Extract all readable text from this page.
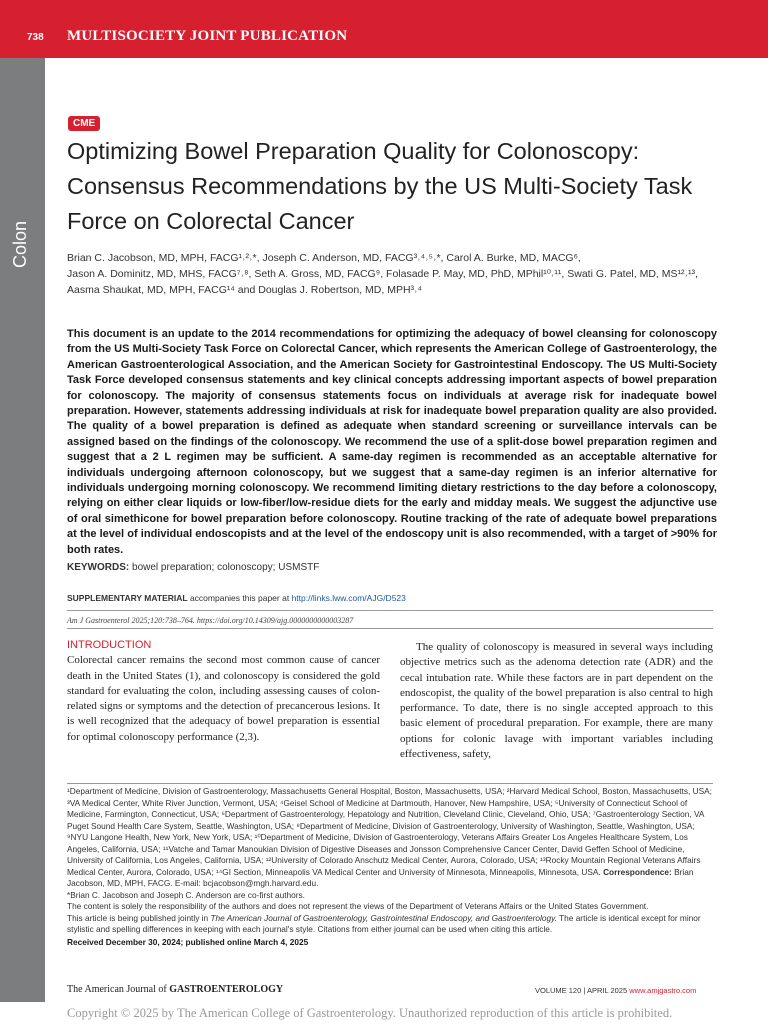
738 MULTISOCIETY JOINT PUBLICATION
Colon
CME
Optimizing Bowel Preparation Quality for Colonoscopy: Consensus Recommendations by the US Multi-Society Task Force on Colorectal Cancer
Brian C. Jacobson, MD, MPH, FACG¹˒²˒*, Joseph C. Anderson, MD, FACG³˒⁴˒⁵˒*, Carol A. Burke, MD, MACG⁶,
Jason A. Dominitz, MD, MHS, FACG⁷˒⁸, Seth A. Gross, MD, FACG⁹, Folasade P. May, MD, PhD, MPhil¹⁰˒¹¹, Swati G. Patel, MD, MS¹²˒¹³,
Aasma Shaukat, MD, MPH, FACG¹⁴ and Douglas J. Robertson, MD, MPH³˒⁴
This document is an update to the 2014 recommendations for optimizing the adequacy of bowel cleansing for colonoscopy from the US Multi-Society Task Force on Colorectal Cancer, which represents the American College of Gastroenterology, the American Gastroenterological Association, and the American Society for Gastrointestinal Endoscopy. The US Multi-Society Task Force developed consensus statements and key clinical concepts addressing important aspects of bowel preparation for colonoscopy. The majority of consensus statements focus on individuals at average risk for inadequate bowel preparation. However, statements addressing individuals at risk for inadequate bowel preparation quality are also provided. The quality of a bowel preparation is defined as adequate when standard screening or surveillance intervals can be assigned based on the findings of the colonoscopy. We recommend the use of a split-dose bowel preparation regimen and suggest that a 2 L regimen may be sufficient. A same-day regimen is recommended as an acceptable alternative for individuals undergoing afternoon colonoscopy, but we suggest that a same-day regimen is an inferior alternative for individuals undergoing morning colonoscopy. We recommend limiting dietary restrictions to the day before a colonoscopy, relying on either clear liquids or low-fiber/low-residue diets for the early and midday meals. We suggest the adjunctive use of oral simethicone for bowel preparation before colonoscopy. Routine tracking of the rate of adequate bowel preparations at the level of individual endoscopists and at the level of the endoscopy unit is also recommended, with a target of >90% for both rates.
KEYWORDS: bowel preparation; colonoscopy; USMSTF
SUPPLEMENTARY MATERIAL accompanies this paper at http://links.lww.com/AJG/D523
Am J Gastroenterol 2025;120:738–764. https://doi.org/10.14309/ajg.0000000000003287
INTRODUCTION

Colorectal cancer remains the second most common cause of cancer death in the United States (1), and colonoscopy is considered the gold standard for evaluating the colon, including assessing causes of colon-related signs or symptoms and the detection of precancerous lesions. It is well recognized that the adequacy of bowel preparation is essential for optimal colonoscopy performance (2,3).

The quality of colonoscopy is measured in several ways including objective metrics such as the adenoma detection rate (ADR) and the cecal intubation rate. While these factors are in part dependent on the endoscopist, the quality of the bowel preparation is also central to high performance. To date, there is no single accepted approach to this basic element of procedural preparation. For example, there are many options for colonic lavage with important variables including effectiveness, safety,

¹Department of Medicine, Division of Gastroenterology, Massachusetts General Hospital, Boston, Massachusetts, USA; ²Harvard Medical School, Boston, Massachusetts, USA; ³VA Medical Center, White River Junction, Vermont, USA; ⁴Geisel School of Medicine at Dartmouth, Hanover, New Hampshire, USA; ⁵University of Connecticut School of Medicine, Farmington, Connecticut, USA; ⁶Department of Gastroenterology, Hepatology and Nutrition, Cleveland Clinic, Cleveland, Ohio, USA; ⁷Gastroenterology Section, VA Puget Sound Health Care System, Seattle, Washington, USA; ⁸Department of Medicine, Division of Gastroenterology, University of Washington, Seattle, Washington, USA; ⁹NYU Langone Health, New York, New York, USA; ¹⁰Department of Medicine, Division of Gastroenterology, Veterans Affairs Greater Los Angeles Healthcare System, Los Angeles, California, USA; ¹¹Vatche and Tamar Manoukian Division of Digestive Diseases and Jonsson Comprehensive Cancer Center, David Geffen School of Medicine, University of California, Los Angeles, California, USA; ¹²University of Colorado Anschutz Medical Center, Aurora, Colorado, USA; ¹³Rocky Mountain Regional Veterans Affairs Medical Center, Aurora, Colorado, USA; ¹⁴GI Section, Minneapolis VA Medical Center and University of Minnesota, Minneapolis, Minnesota, USA. Correspondence: Brian Jacobson, MD, MPH, FACG. E-mail: bcjacobson@mgh.harvard.edu.
*Brian C. Jacobson and Joseph C. Anderson are co-first authors.
The content is solely the responsibility of the authors and does not represent the views of the Department of Veterans Affairs or the United States Government.
This article is being published jointly in The American Journal of Gastroenterology, Gastrointestinal Endoscopy, and Gastroenterology. The article is identical except for minor stylistic and spelling differences in keeping with each journal's style. Citations from either journal can be used when citing this article.
Received December 30, 2024; published online March 4, 2025
The American Journal of GASTROENTEROLOGY	VOLUME 120 | APRIL 2025 www.amjgastro.com
Copyright © 2025 by The American College of Gastroenterology. Unauthorized reproduction of this article is prohibited.
